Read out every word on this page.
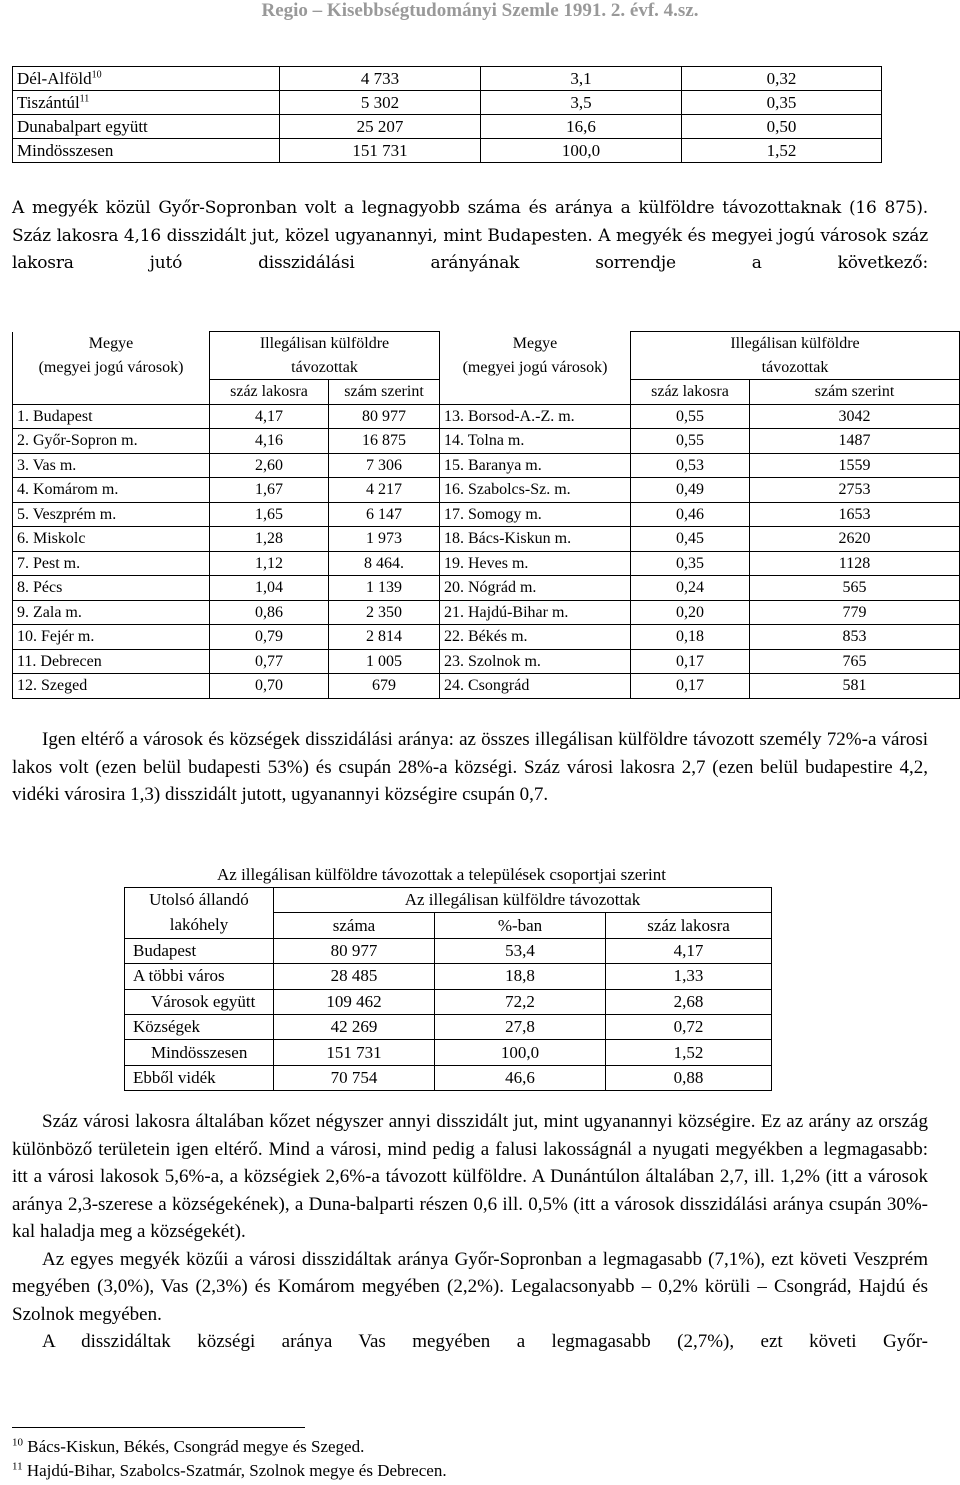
Regio – Kisebbségtudományi Szemle 1991. 2. évf. 4.sz.
Dél-Alföld$^{10}$	4 733	3,1	0,32
Tiszántúl$^{11}$	5 302	3,5	0,35
Dunabalpart együtt	25 207	16,6	0,50
Mindösszesen	151 731	100,0	1,52

A megyék közül Győr-Sopronban volt a legnagyobb száma és aránya a külföldre távozottaknak (16 875). Száz lakosra 4,16 disszidált jut, közel ugyanannyi, mint Budapesten. A megyék és megyei jogú városok száz lakosra jutó disszidálási arányának sorrendje a következő:

Megye	Illegálisan külföldre		Megye	Illegálisan külföldre	
(megyei jogú városok)	távozottak		(megyei jogú városok)	távozottak	
	száz lakosra	szám szerint		száz lakosra	szám szerint
1. Budapest	4,17	80 977	13. Borsod-A.-Z. m.	0,55	3042
2. Győr-Sopron m.	4,16	16 875	14. Tolna m.	0,55	1487
3. Vas m.	2,60	7 306	15. Baranya m.	0,53	1559
4. Komárom m.	1,67	4 217	16. Szabolcs-Sz. m.	0,49	2753
5. Veszprém m.	1,65	6 147	17. Somogy m.	0,46	1653
6. Miskolc	1,28	1 973	18. Bács-Kiskun m.	0,45	2620
7. Pest m.	1,12	8 464.	19. Heves m.	0,35	1128
8. Pécs	1,04	1 139	20. Nógrád m.	0,24	565
9. Zala m.	0,86	2 350	21. Hajdú-Bihar m.	0,20	779
10. Fejér m.	0,79	2 814	22. Békés m.	0,18	853
11. Debrecen	0,77	1 005	23. Szolnok m.	0,17	765
12. Szeged	0,70	679	24. Csongrád	0,17	581

Igen eltérő a városok és községek disszidálási aránya: az összes illegálisan külföldre távozott személy 72%-a városi lakos volt (ezen belül budapesti 53%) és csupán 28%-a községi. Száz városi lakosra 2,7 (ezen belül budapestire 4,2, vidéki városira 1,3) disszidált jutott, ugyanannyi községire csupán 0,7.

Az illegálisan külföldre távozottak a települések csoportjai szerint
Utolsó állandó	Az illegálisan külföldre távozottak		
lakóhely	száma	%-ban	száz lakosra
Budapest	80 977	53,4	4,17
A többi város	28 485	18,8	1,33
Városok együtt	109 462	72,2	2,68
Községek	42 269	27,8	0,72
Mindösszesen	151 731	100,0	1,52
Ebből vidék	70 754	46,6	0,88

Száz városi lakosra általában kőzet négyszer annyi disszidált jut, mint ugyanannyi községire. Ez az arány az ország különböző területein igen eltérő. Mind a városi, mind pedig a falusi lakosságnál a nyugati megyékben a legmagasabb: itt a városi lakosok 5,6%-a, a községiek 2,6%-a távozott külföldre. A Dunántúlon általában 2,7, ill. 1,2% (itt a városok aránya 2,3-szerese a községekének), a Duna-balparti részen 0,6 ill. 0,5% (itt a városok disszidálási aránya csupán 30%-kal haladja meg a községekét).

Az egyes megyék közűi a városi disszidáltak aránya Győr-Sopronban a legmagasabb (7,1%), ezt követi Veszprém megyében (3,0%), Vas (2,3%) és Komárom megyében (2,2%). Legalacsonyabb – 0,2% körüli – Csongrád, Hajdú és Szolnok megyében.

A disszidáltak községi aránya Vas megyében a legmagasabb (2,7%), ezt követi Győr-

$^{10}$ Bács-Kiskun, Békés, Csongrád megye és Szeged.
$^{11}$ Hajdú-Bihar, Szabolcs-Szatmár, Szolnok megye és Debrecen.
